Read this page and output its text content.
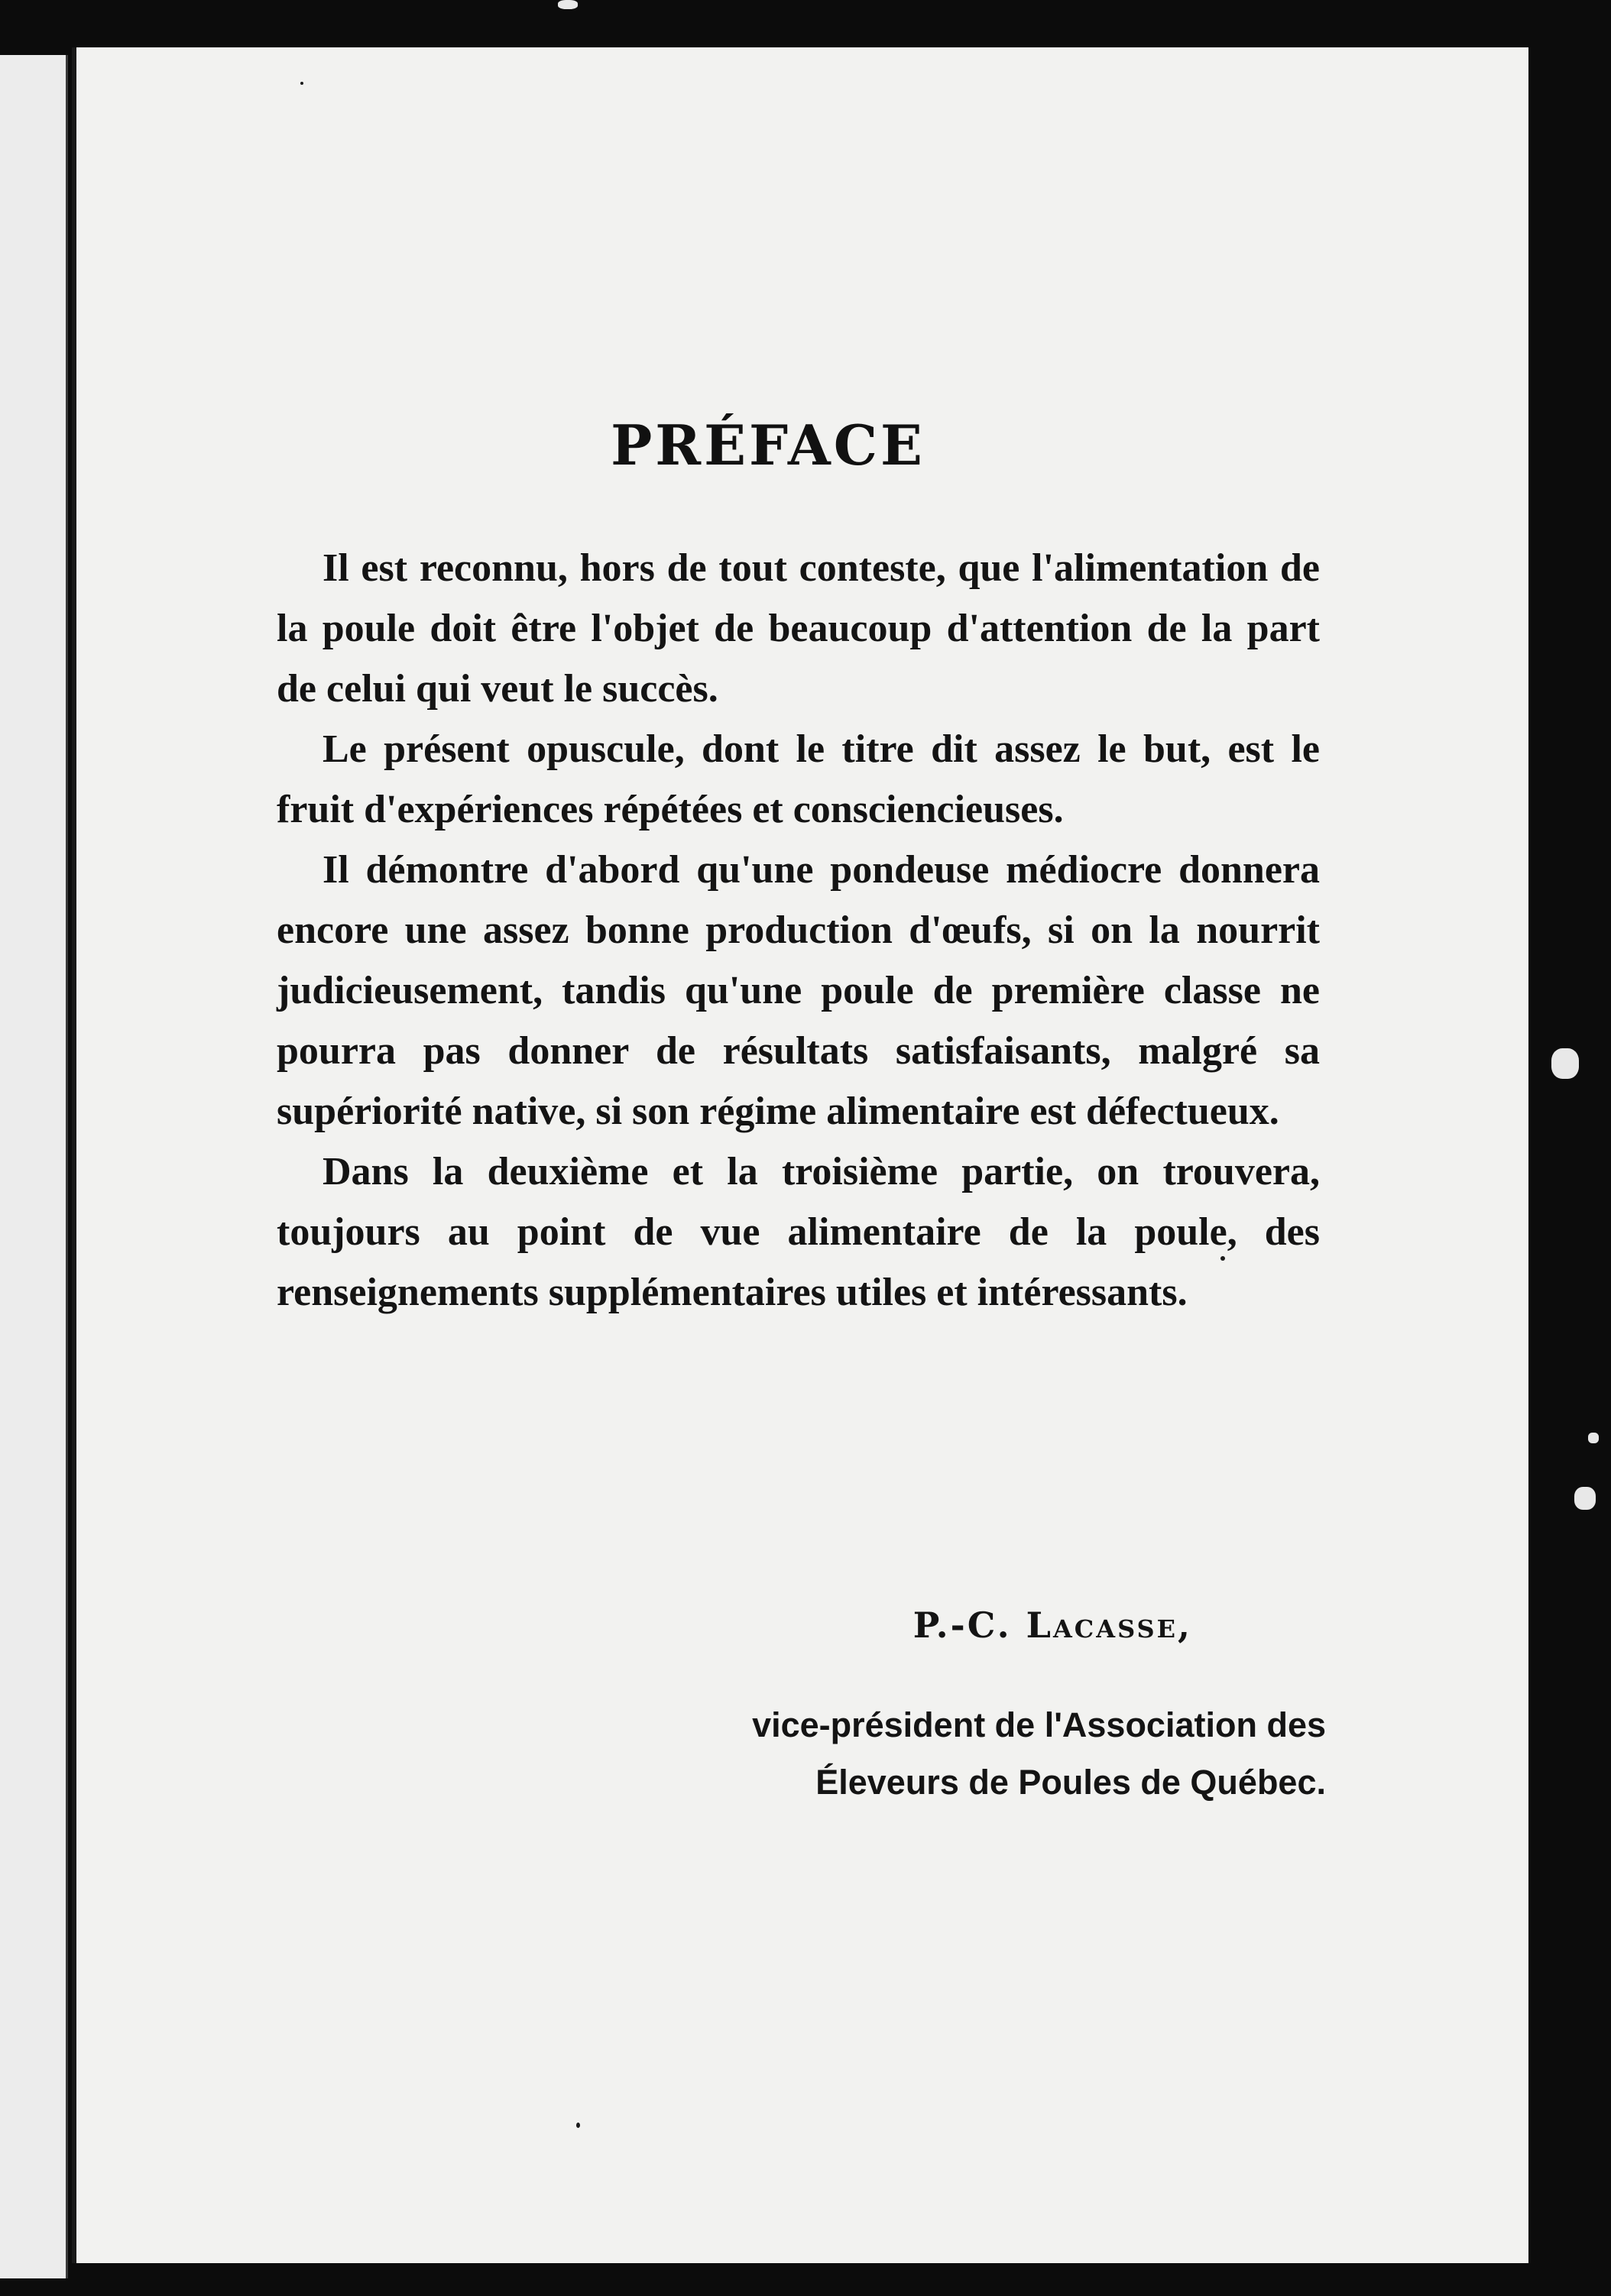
PRÉFACE

Il est reconnu, hors de tout conteste, que l'alimentation de la poule doit être l'objet de beaucoup d'attention de la part de celui qui veut le succès.

Le présent opuscule, dont le titre dit assez le but, est le fruit d'expériences répétées et consciencieuses.

Il démontre d'abord qu'une pondeuse médiocre donnera encore une assez bonne production d'œufs, si on la nourrit judicieusement, tandis qu'une poule de première classe ne pourra pas donner de résultats satisfaisants, malgré sa supériorité native, si son régime alimentaire est défectueux.

Dans la deuxième et la troisième partie, on trouvera, toujours au point de vue alimentaire de la poule, des renseignements supplémentaires utiles et intéressants.

P.-C. Lacasse,
vice-président de l'Association des
Éleveurs de Poules de Québec.
